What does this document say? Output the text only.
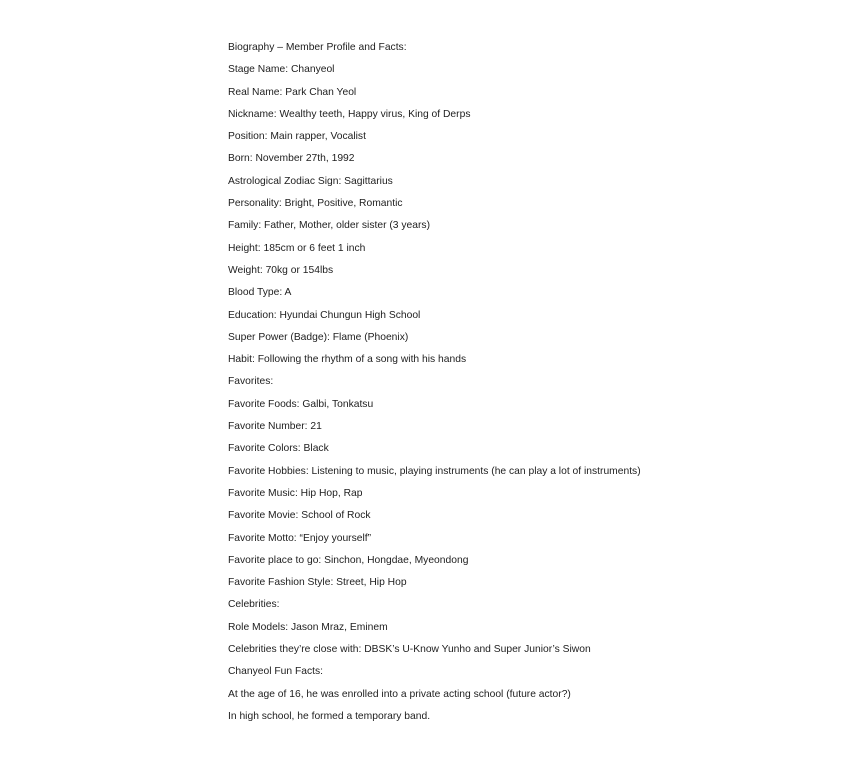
Biography – Member Profile and Facts:
Stage Name: Chanyeol
Real Name: Park Chan Yeol
Nickname: Wealthy teeth, Happy virus, King of Derps
Position: Main rapper, Vocalist
Born: November 27th, 1992
Astrological Zodiac Sign: Sagittarius
Personality: Bright, Positive, Romantic
Family: Father, Mother, older sister (3 years)
Height: 185cm or 6 feet 1 inch
Weight: 70kg or 154lbs
Blood Type: A
Education: Hyundai Chungun High School
Super Power (Badge): Flame (Phoenix)
Habit: Following the rhythm of a song with his hands
Favorites:
Favorite Foods: Galbi, Tonkatsu
Favorite Number: 21
Favorite Colors: Black
Favorite Hobbies: Listening to music, playing instruments (he can play a lot of instruments)
Favorite Music: Hip Hop, Rap
Favorite Movie: School of Rock
Favorite Motto: “Enjoy yourself”
Favorite place to go: Sinchon, Hongdae, Myeondong
Favorite Fashion Style: Street, Hip Hop
Celebrities:
Role Models: Jason Mraz, Eminem
Celebrities they’re close with: DBSK’s U-Know Yunho and Super Junior’s Siwon
Chanyeol Fun Facts:
At the age of 16, he was enrolled into a private acting school (future actor?)
In high school, he formed a temporary band.
